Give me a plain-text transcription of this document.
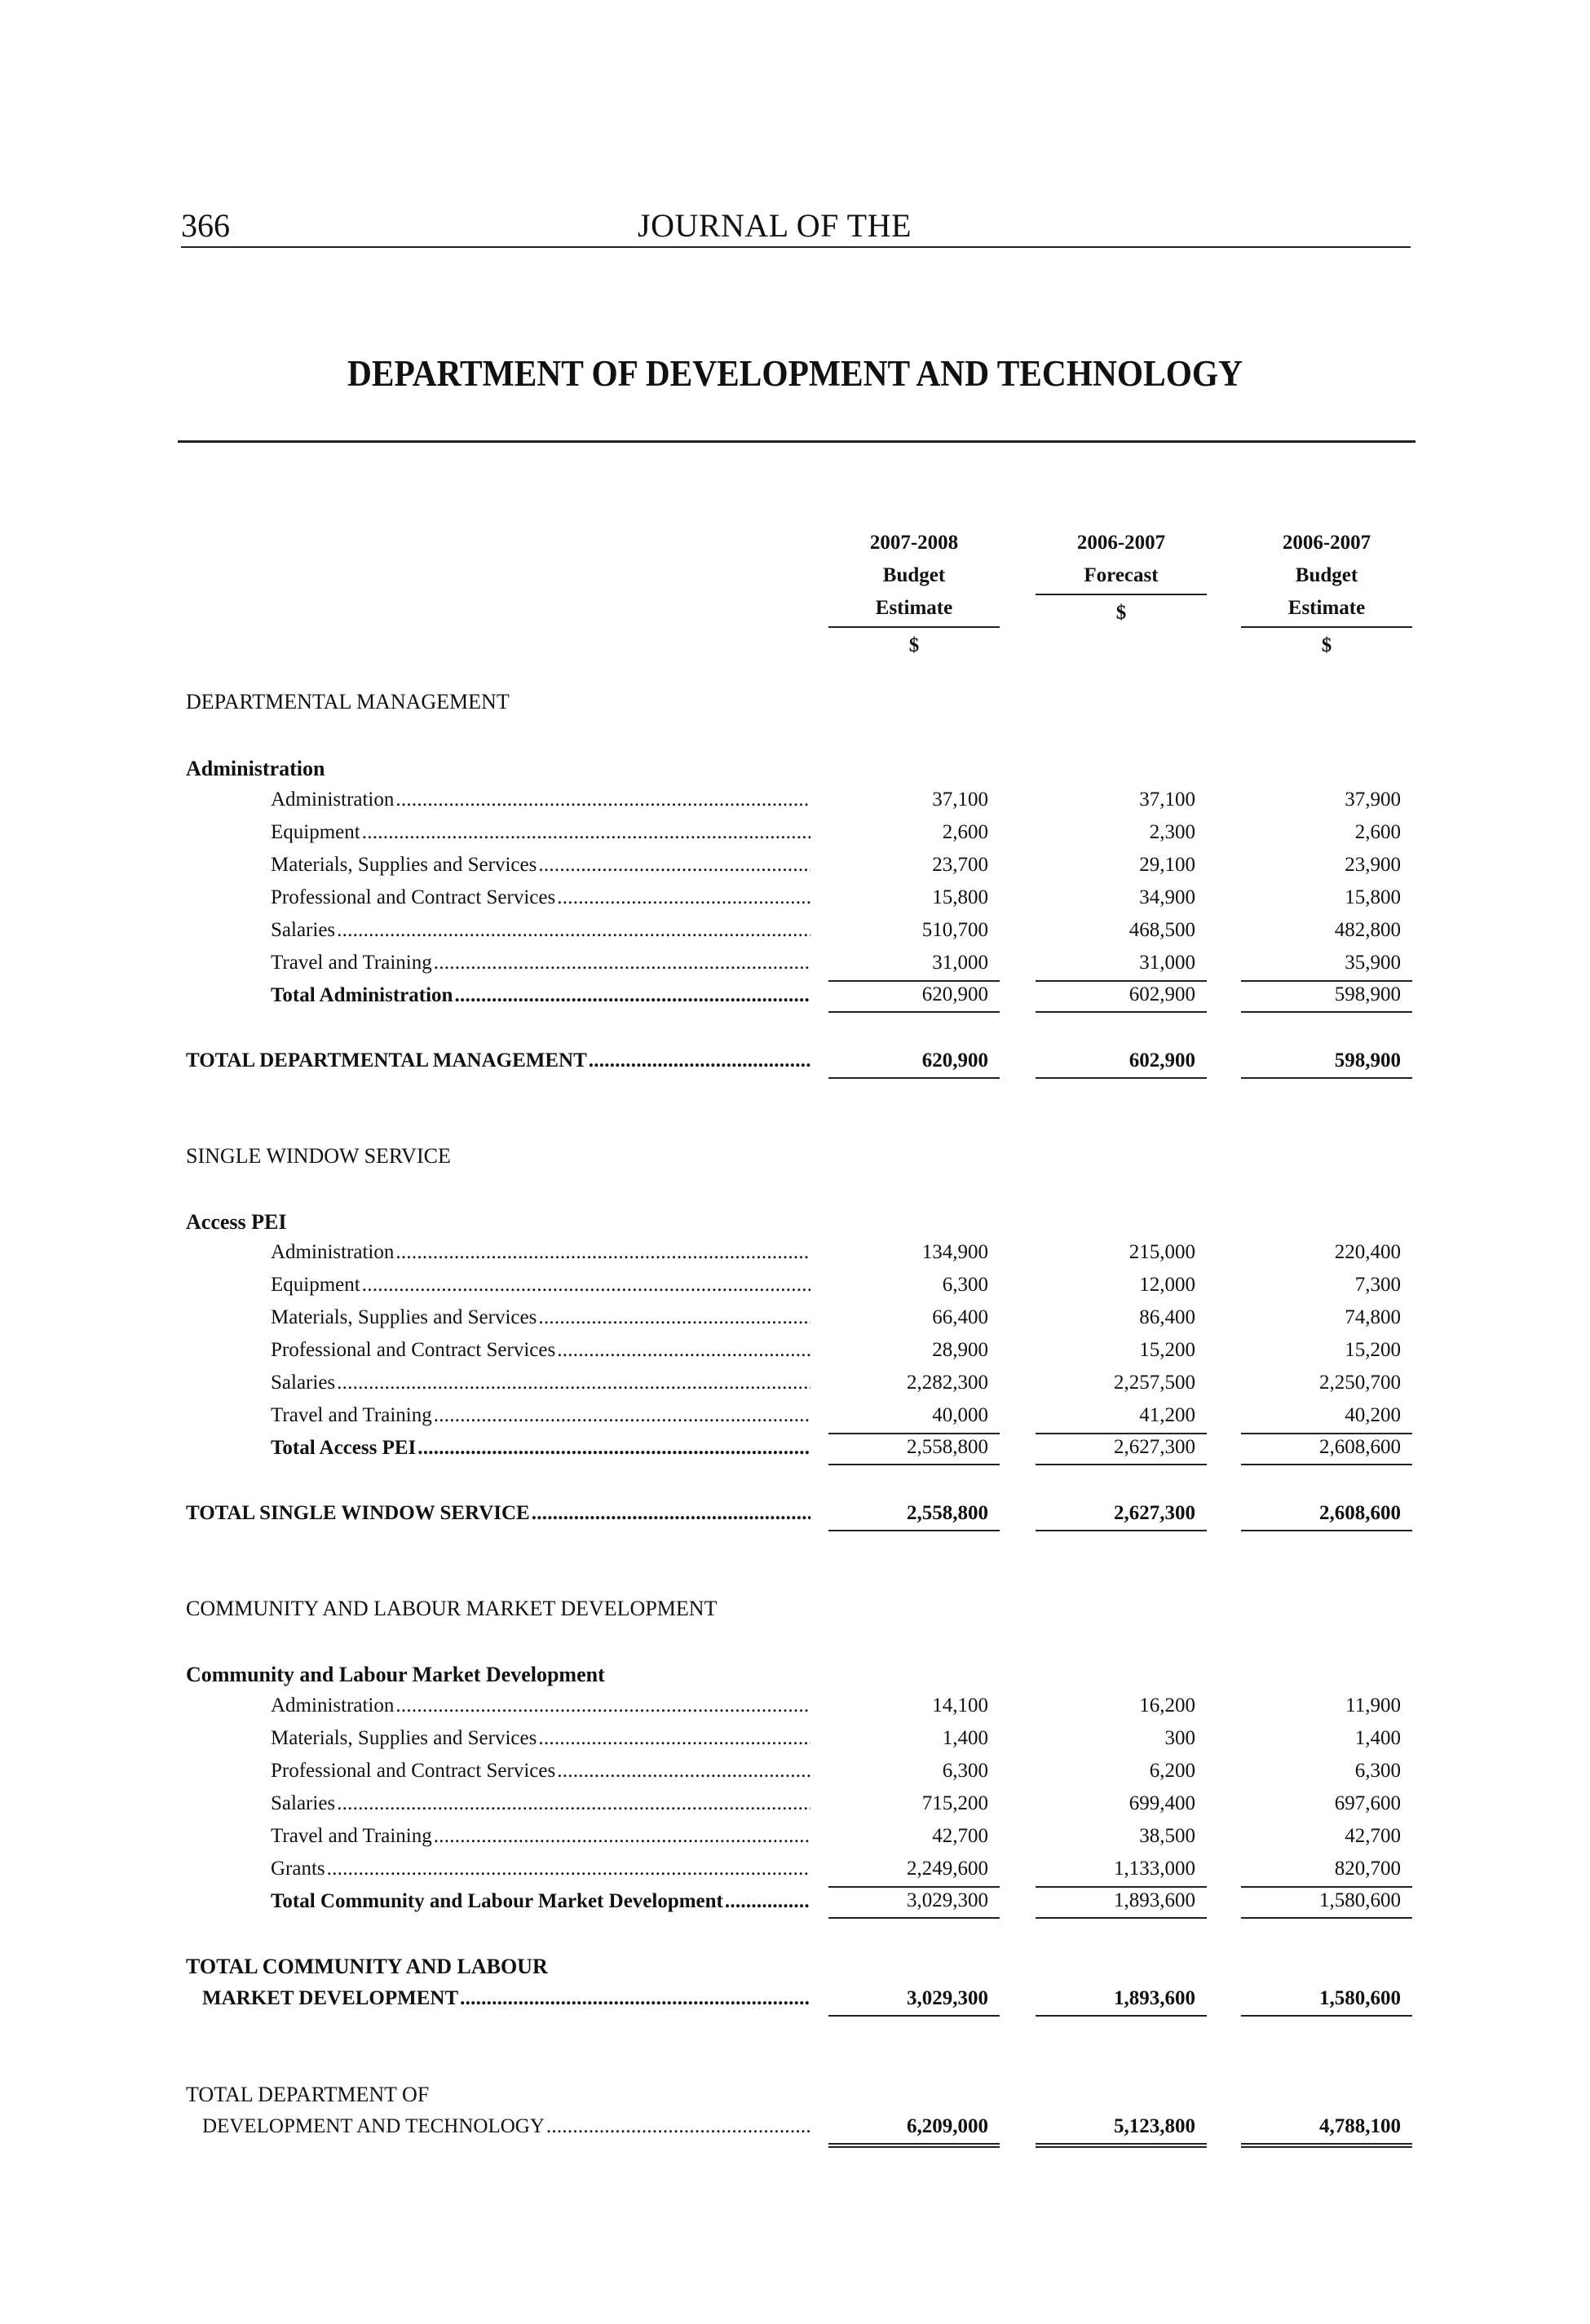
366	JOURNAL OF THE
DEPARTMENT OF DEVELOPMENT AND TECHNOLOGY
2007-2008
Budget
Estimate
$
2006-2007
Forecast
$
2006-2007
Budget
Estimate
$
DEPARTMENTAL MANAGEMENT
Administration
Administration . . .	37,100	37,100	37,900
Equipment . . .	2,600	2,300	2,600
Materials, Supplies and Services . . .	23,700	29,100	23,900
Professional and Contract Services . . .	15,800	34,900	15,800
Salaries . . .	510,700	468,500	482,800
Travel and Training . . .	31,000	31,000	35,900
Total Administration . . .	620,900	602,900	598,900
TOTAL DEPARTMENTAL MANAGEMENT . . .	620,900	602,900	598,900
SINGLE WINDOW SERVICE
Access PEI
Administration . . .	134,900	215,000	220,400
Equipment . . .	6,300	12,000	7,300
Materials, Supplies and Services . . .	66,400	86,400	74,800
Professional and Contract Services . . .	28,900	15,200	15,200
Salaries . . .	2,282,300	2,257,500	2,250,700
Travel and Training . . .	40,000	41,200	40,200
Total Access PEI . . .	2,558,800	2,627,300	2,608,600
TOTAL SINGLE WINDOW SERVICE . . .	2,558,800	2,627,300	2,608,600
COMMUNITY AND LABOUR MARKET DEVELOPMENT
Community and Labour Market Development
Administration . . .	14,100	16,200	11,900
Materials, Supplies and Services . . .	1,400	300	1,400
Professional and Contract Services . . .	6,300	6,200	6,300
Salaries . . .	715,200	699,400	697,600
Travel and Training . . .	42,700	38,500	42,700
Grants . . .	2,249,600	1,133,000	820,700
Total Community and Labour Market Development . . .	3,029,300	1,893,600	1,580,600
TOTAL COMMUNITY AND LABOUR
MARKET DEVELOPMENT . . .	3,029,300	1,893,600	1,580,600
TOTAL DEPARTMENT OF
DEVELOPMENT AND TECHNOLOGY . . .	6,209,000	5,123,800	4,788,100
